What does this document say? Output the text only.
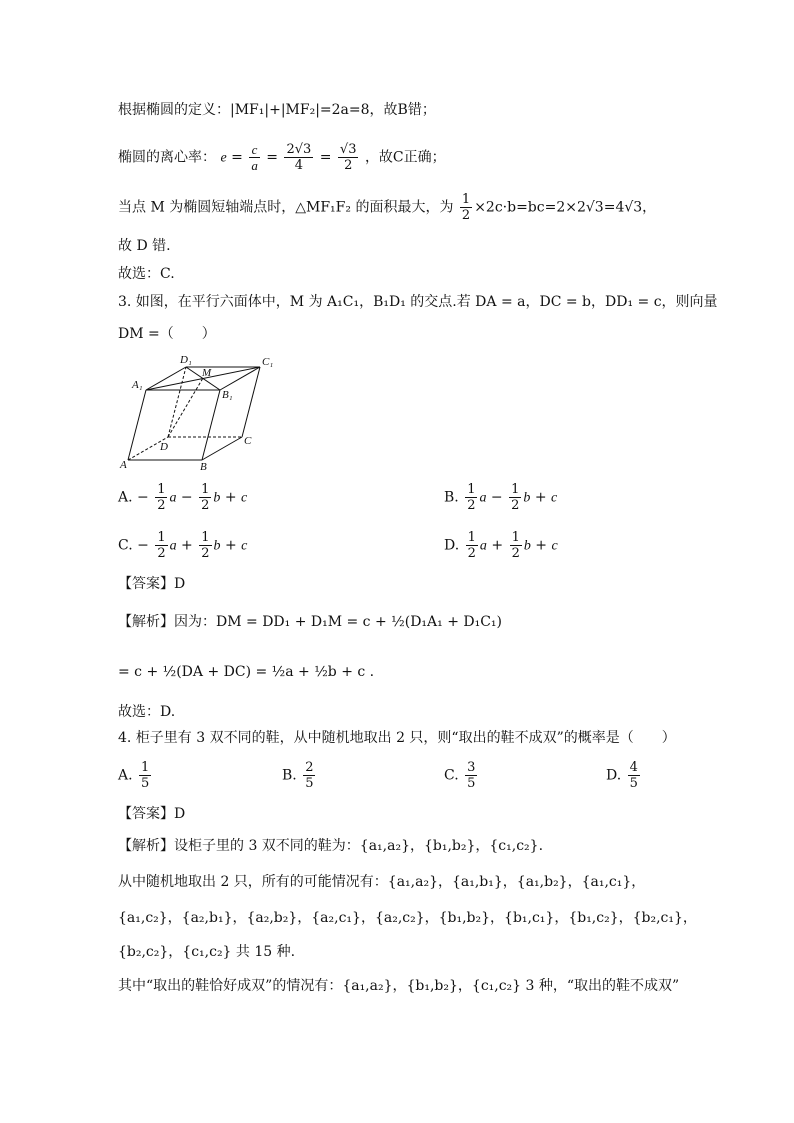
根据椭圆的定义：|MF₁|+|MF₂|=2a=8，故B错；
椭圆的离心率： $e = \frac{c}{a} = \frac{2√3}{4} = \frac{√3}{2}$ ，故C正确；
当点 M 为椭圆短轴端点时，△MF₁F₂ 的面积最大，为 $\frac{1}{2} \times 2c\cdot b=bc=2\times 2√3=4√3$，
故 D 错.
故选：C.
3. 如图，在平行六面体中，M 为 A₁C₁，B₁D₁ 的交点.若 DA = a，DC = b，DD₁ = c，则向量
DM =（　　）
D₁	C₁
A₁
M
B₁
D	C
A	B
A. − $\frac{1}{2}$ $a - \frac{1}{2}$ b + c	B. $\frac{1}{2}$ $a - \frac{1}{2}$ b + c
C. − $\frac{1}{2}$ $a + \frac{1}{2}$ b + c	D. $\frac{1}{2}$ $a + \frac{1}{2}$ b + c
【答案】D
【解析】因为：DM = DD₁ + D₁M = c + ½(D₁A₁ + D₁C₁)
= c + ½(DA + DC) = ½a + ½b + c .
故选：D.
4. 柜子里有 3 双不同的鞋，从中随机地取出 2 只，则“取出的鞋不成双”的概率是（　　）
A. $\frac{1}{5}$	B. $\frac{2}{5}$	C. $\frac{3}{5}$	D. $\frac{4}{5}$
【答案】D
【解析】设柜子里的 3 双不同的鞋为：{a₁,a₂}，{b₁,b₂}，{c₁,c₂}.
从中随机地取出 2 只，所有的可能情况有：{a₁,a₂}，{a₁,b₁}，{a₁,b₂}，{a₁,c₁}，
{a₁,c₂}，{a₂,b₁}，{a₂,b₂}，{a₂,c₁}，{a₂,c₂}，{b₁,b₂}，{b₁,c₁}，{b₁,c₂}，{b₂,c₁}，
{b₂,c₂}，{c₁,c₂} 共 15 种.
其中“取出的鞋恰好成双”的情况有：{a₁,a₂}，{b₁,b₂}，{c₁,c₂} 3 种，“取出的鞋不成双”
